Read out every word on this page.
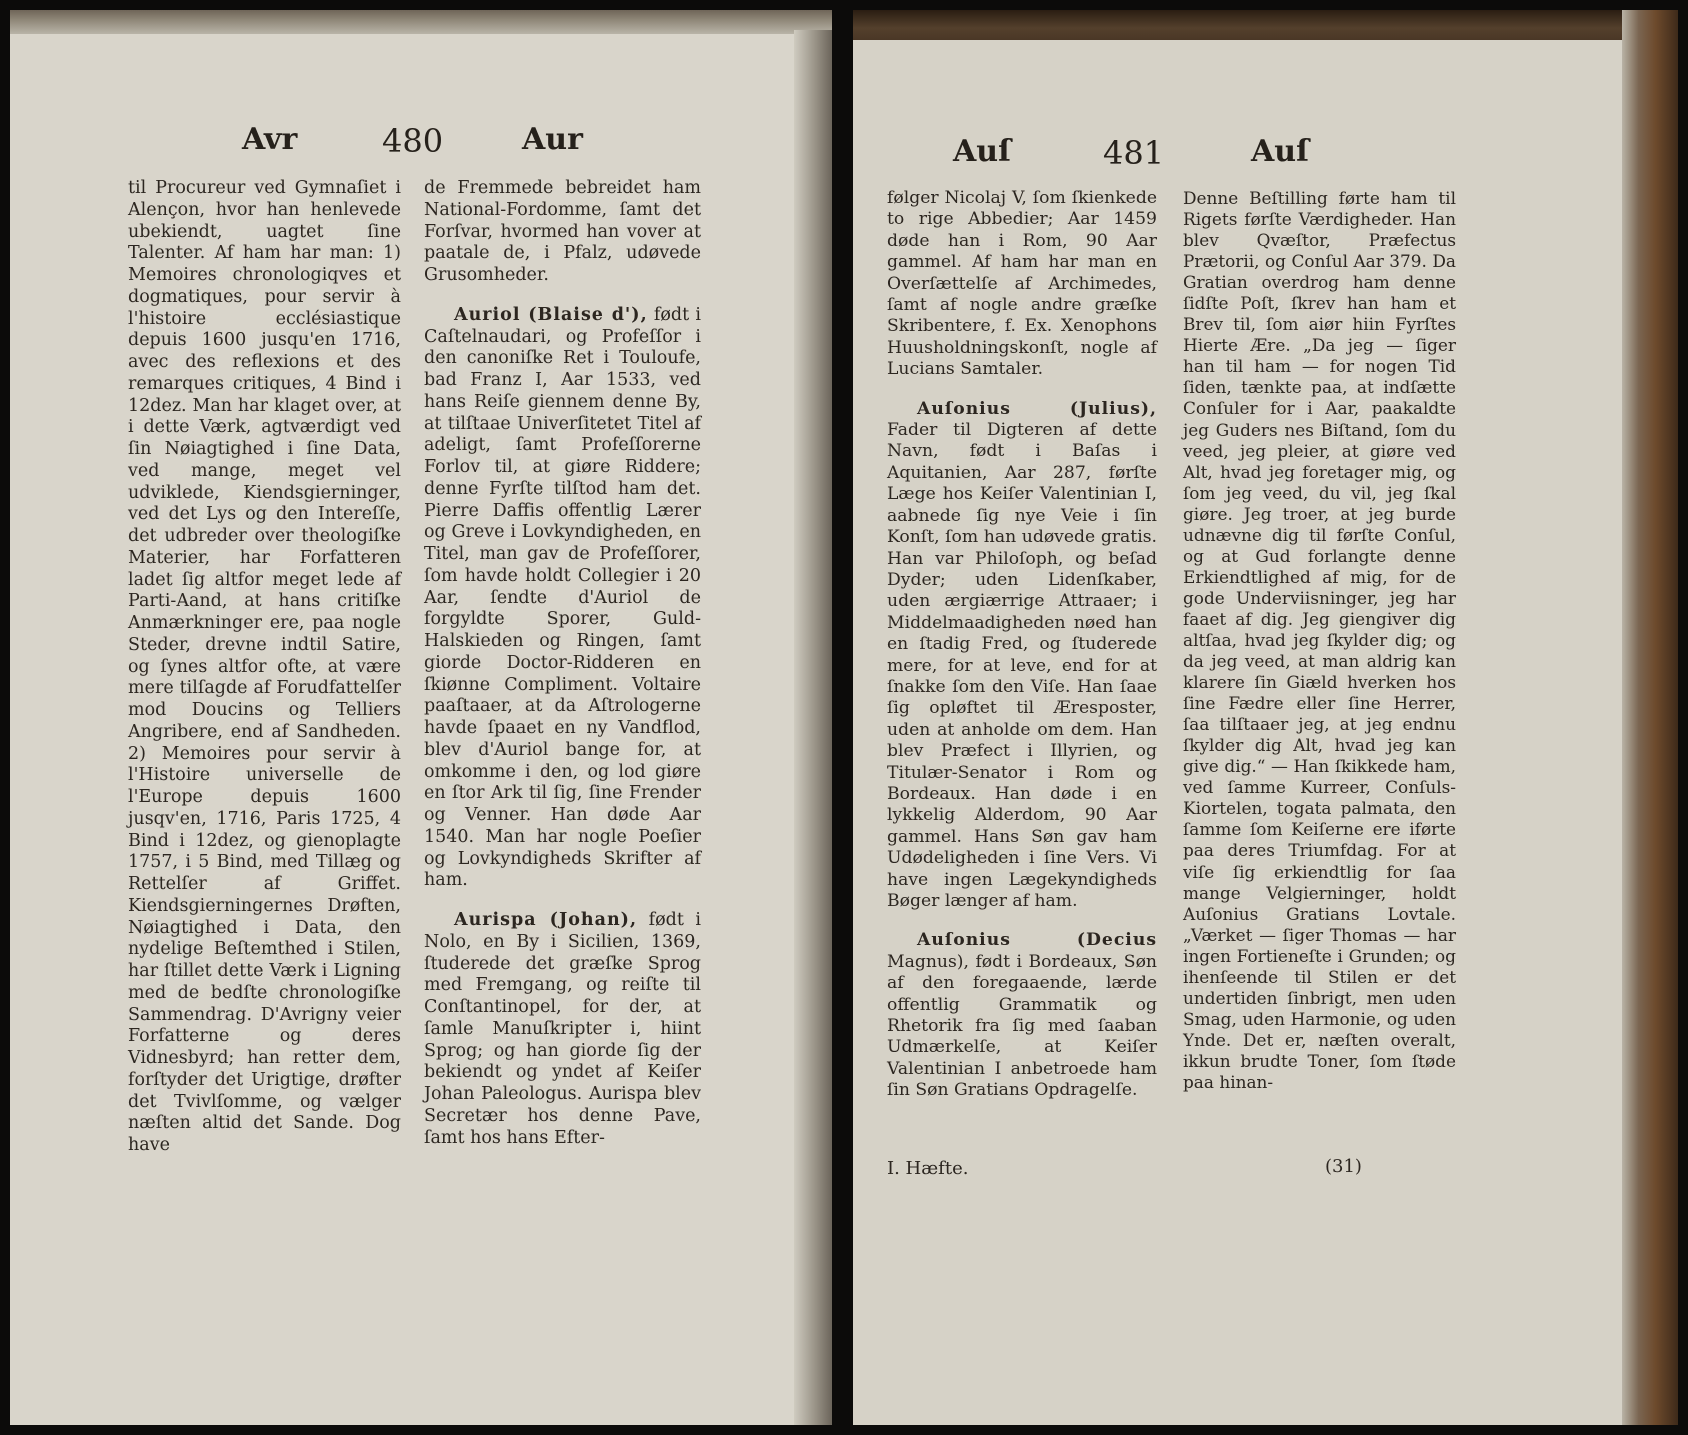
Avr	480	Aur

til Procureur ved Gymnaſiet i Alençon, hvor han henlevede ubekiendt, uagtet ſine Talenter. Af ham har man: 1) Memoires chronologiqves et dogmatiques, pour servir à l'histoire ecclésiastique depuis 1600 jusqu'en 1716, avec des reflexions et des remarques critiques, 4 Bind i 12dez. Man har klaget over, at i dette Værk, agtværdigt ved ſin Nøiagtighed i ſine Data, ved mange, meget vel udviklede, Kiendsgierninger, ved det Lys og den Intereſſe, det udbreder over theologiſke Materier, har Forfatteren ladet ſig altfor meget lede af Parti-Aand, at hans critiſke Anmærkninger ere, paa nogle Steder, drevne indtil Satire, og ſynes altfor ofte, at være mere tilſagde af Forudfattelſer mod Doucins og Telliers Angribere, end af Sandheden. 2) Memoires pour servir à l'Histoire universelle de l'Europe depuis 1600 jusqv'en, 1716, Paris 1725, 4 Bind i 12dez, og gienoplagte 1757, i 5 Bind, med Tillæg og Rettelſer af Griffet. Kiendsgierningernes Drøften, Nøiagtighed i Data, den nydelige Beſtemthed i Stilen, har ſtillet dette Værk i Ligning med de bedſte chronologiſke Sammendrag. D'Avrigny veier Forfatterne og deres Vidnesbyrd; han retter dem, forſtyder det Urigtige, drøfter det Tvivlſomme, og vælger næſten altid det Sande. Dog have

de Fremmede bebreidet ham National-Fordomme, ſamt det Forſvar, hvormed han vover at paatale de, i Pfalz, udøvede Grusomheder.

Auriol (Blaise d'), født i Caſtelnaudari, og Profeſſor i den canoniſke Ret i Touloufe, bad Franz I, Aar 1533, ved hans Reiſe giennem denne By, at tilſtaae Univerſitetet Titel af adeligt, ſamt Profeſſorerne Forlov til, at giøre Riddere; denne Fyrſte tilſtod ham det. Pierre Daffis offentlig Lærer og Greve i Lovkyndigheden, en Titel, man gav de Profeſſorer, ſom havde holdt Collegier i 20 Aar, ſendte d'Auriol de forgyldte Sporer, Guld-Halskieden og Ringen, ſamt giorde Doctor-Ridderen en ſkiønne Compliment. Voltaire paaſtaaer, at da Aſtrologerne havde ſpaaet en ny Vandflod, blev d'Auriol bange for, at omkomme i den, og lod giøre en ſtor Ark til ſig, ſine Frender og Venner. Han døde Aar 1540. Man har nogle Poeſier og Lovkyndigheds Skrifter af ham.

Aurispa (Johan), født i Nolo, en By i Sicilien, 1369, ſtuderede det græſke Sprog med Fremgang, og reiſte til Conſtantinopel, for der, at ſamle Manuſkripter i, hiint Sprog; og han giorde ſig der bekiendt og yndet af Keiſer Johan Paleologus. Aurispa blev Secretær hos denne Pave, ſamt hos hans Efter-

Auſ	481	Auſ

følger Nicolaj V, ſom ſkienkede to rige Abbedier; Aar 1459 døde han i Rom, 90 Aar gammel. Af ham har man en Overſættelſe af Archimedes, ſamt af nogle andre græſke Skribentere, f. Ex. Xenophons Huusholdningskonſt, nogle af Lucians Samtaler.

Auſonius (Julius), Fader til Digteren af dette Navn, født i Baſas i Aquitanien, Aar 287, førſte Læge hos Keiſer Valentinian I, aabnede ſig nye Veie i ſin Konſt, ſom han udøvede gratis. Han var Philoſoph, og beſad Dyder; uden Lidenſkaber, uden ærgiærrige Attraaer; i Middelmaadigheden nøed han en ſtadig Fred, og ſtuderede mere, for at leve, end for at ſnakke ſom den Viſe. Han ſaae ſig opløftet til Æresposter, uden at anholde om dem. Han blev Præfect i Illyrien, og Titulær-Senator i Rom og Bordeaux. Han døde i en lykkelig Alderdom, 90 Aar gammel. Hans Søn gav ham Udødeligheden i ſine Vers. Vi have ingen Lægekyndigheds Bøger længer af ham.

Auſonius (Decius Magnus), født i Bordeaux, Søn af den foregaaende, lærde offentlig Grammatik og Rhetorik fra ſig med ſaaban Udmærkelſe, at Keiſer Valentinian I anbetroede ham ſin Søn Gratians Opdragelſe.

Denne Beſtilling førte ham til Rigets førſte Værdigheder. Han blev Qvæſtor, Præfectus Prætorii, og Conſul Aar 379. Da Gratian overdrog ham denne ſidſte Poſt, ſkrev han ham et Brev til, ſom aiør hiin Fyrſtes Hierte Ære. „Da jeg — ſiger han til ham — for nogen Tid ſiden, tænkte paa, at indſætte Conſuler for i Aar, paakaldte jeg Guders nes Biſtand, ſom du veed, jeg pleier, at giøre ved Alt, hvad jeg foretager mig, og ſom jeg veed, du vil, jeg ſkal giøre. Jeg troer, at jeg burde udnævne dig til førſte Conſul, og at Gud forlangte denne Erkiendtlighed af mig, for de gode Underviisninger, jeg har faaet af dig. Jeg giengiver dig altſaa, hvad jeg ſkylder dig; og da jeg veed, at man aldrig kan klarere ſin Giæld hverken hos ſine Fædre eller ſine Herrer, ſaa tilſtaaer jeg, at jeg endnu ſkylder dig Alt, hvad jeg kan give dig.“ — Han ſkikkede ham, ved ſamme Kurreer, Conſuls-Kiortelen, togata palmata, den ſamme ſom Keiſerne ere iførte paa deres Triumfdag. For at viſe ſig erkiendtlig for ſaa mange Velgierninger, holdt Auſonius Gratians Lovtale. „Værket — ſiger Thomas — har ingen Fortieneſte i Grunden; og ihenſeende til Stilen er det undertiden ſinbrigt, men uden Smag, uden Harmonie, og uden Ynde. Det er, næſten overalt, ikkun brudte Toner, ſom ſtøde paa hinan-

I. Hæfte.	(31)
